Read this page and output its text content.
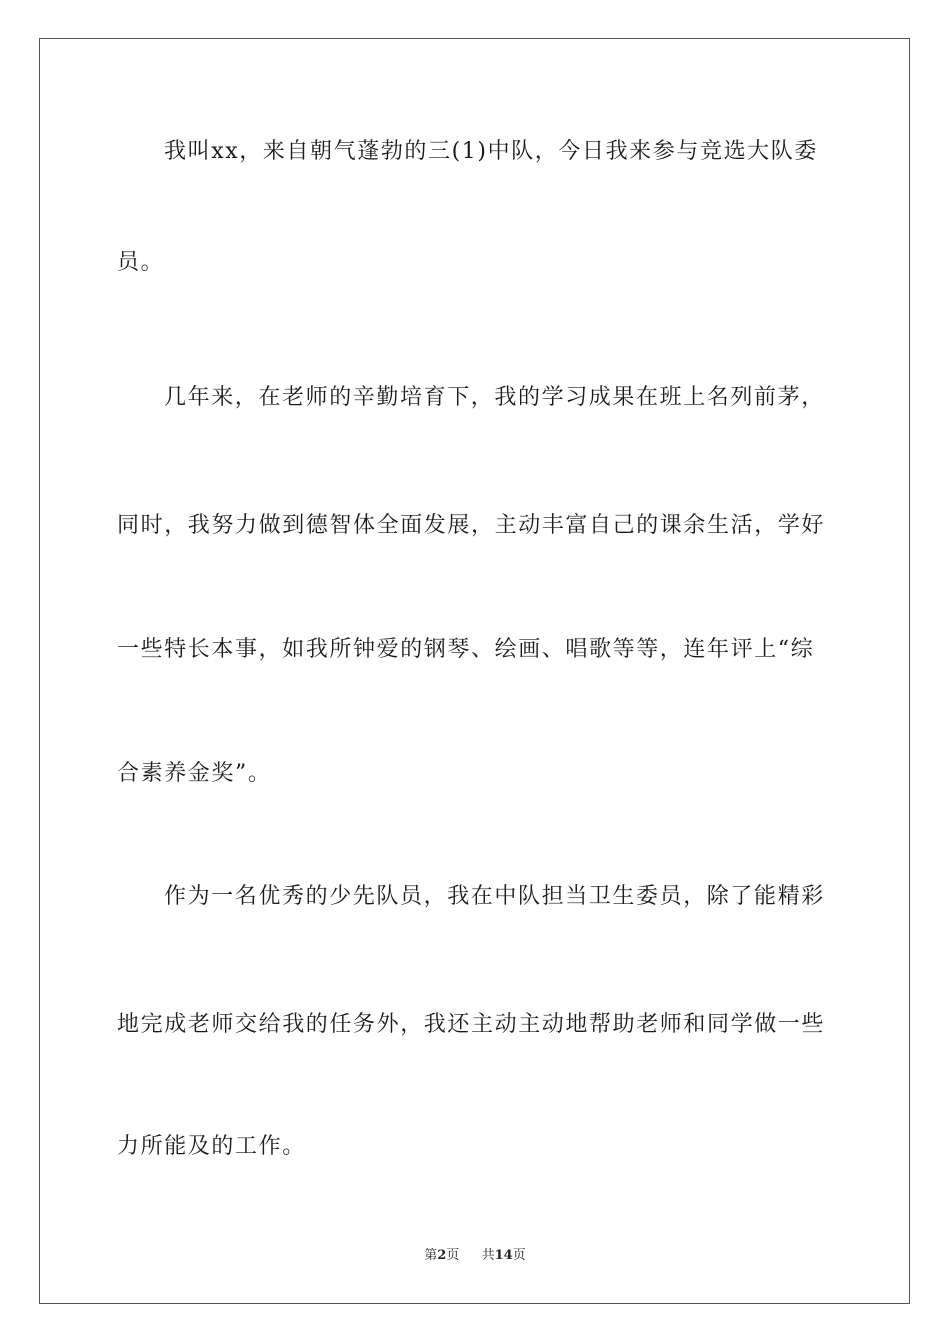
我叫xx，来自朝气蓬勃的三(1)中队，今日我来参与竞选大队委
员。
几年来，在老师的辛勤培育下，我的学习成果在班上名列前茅，
同时，我努力做到德智体全面发展，主动丰富自己的课余生活，学好
一些特长本事，如我所钟爱的钢琴、绘画、唱歌等等，连年评上“综
合素养金奖”。
作为一名优秀的少先队员，我在中队担当卫生委员，除了能精彩
地完成老师交给我的任务外，我还主动主动地帮助老师和同学做一些
力所能及的工作。
第2页 共14页
